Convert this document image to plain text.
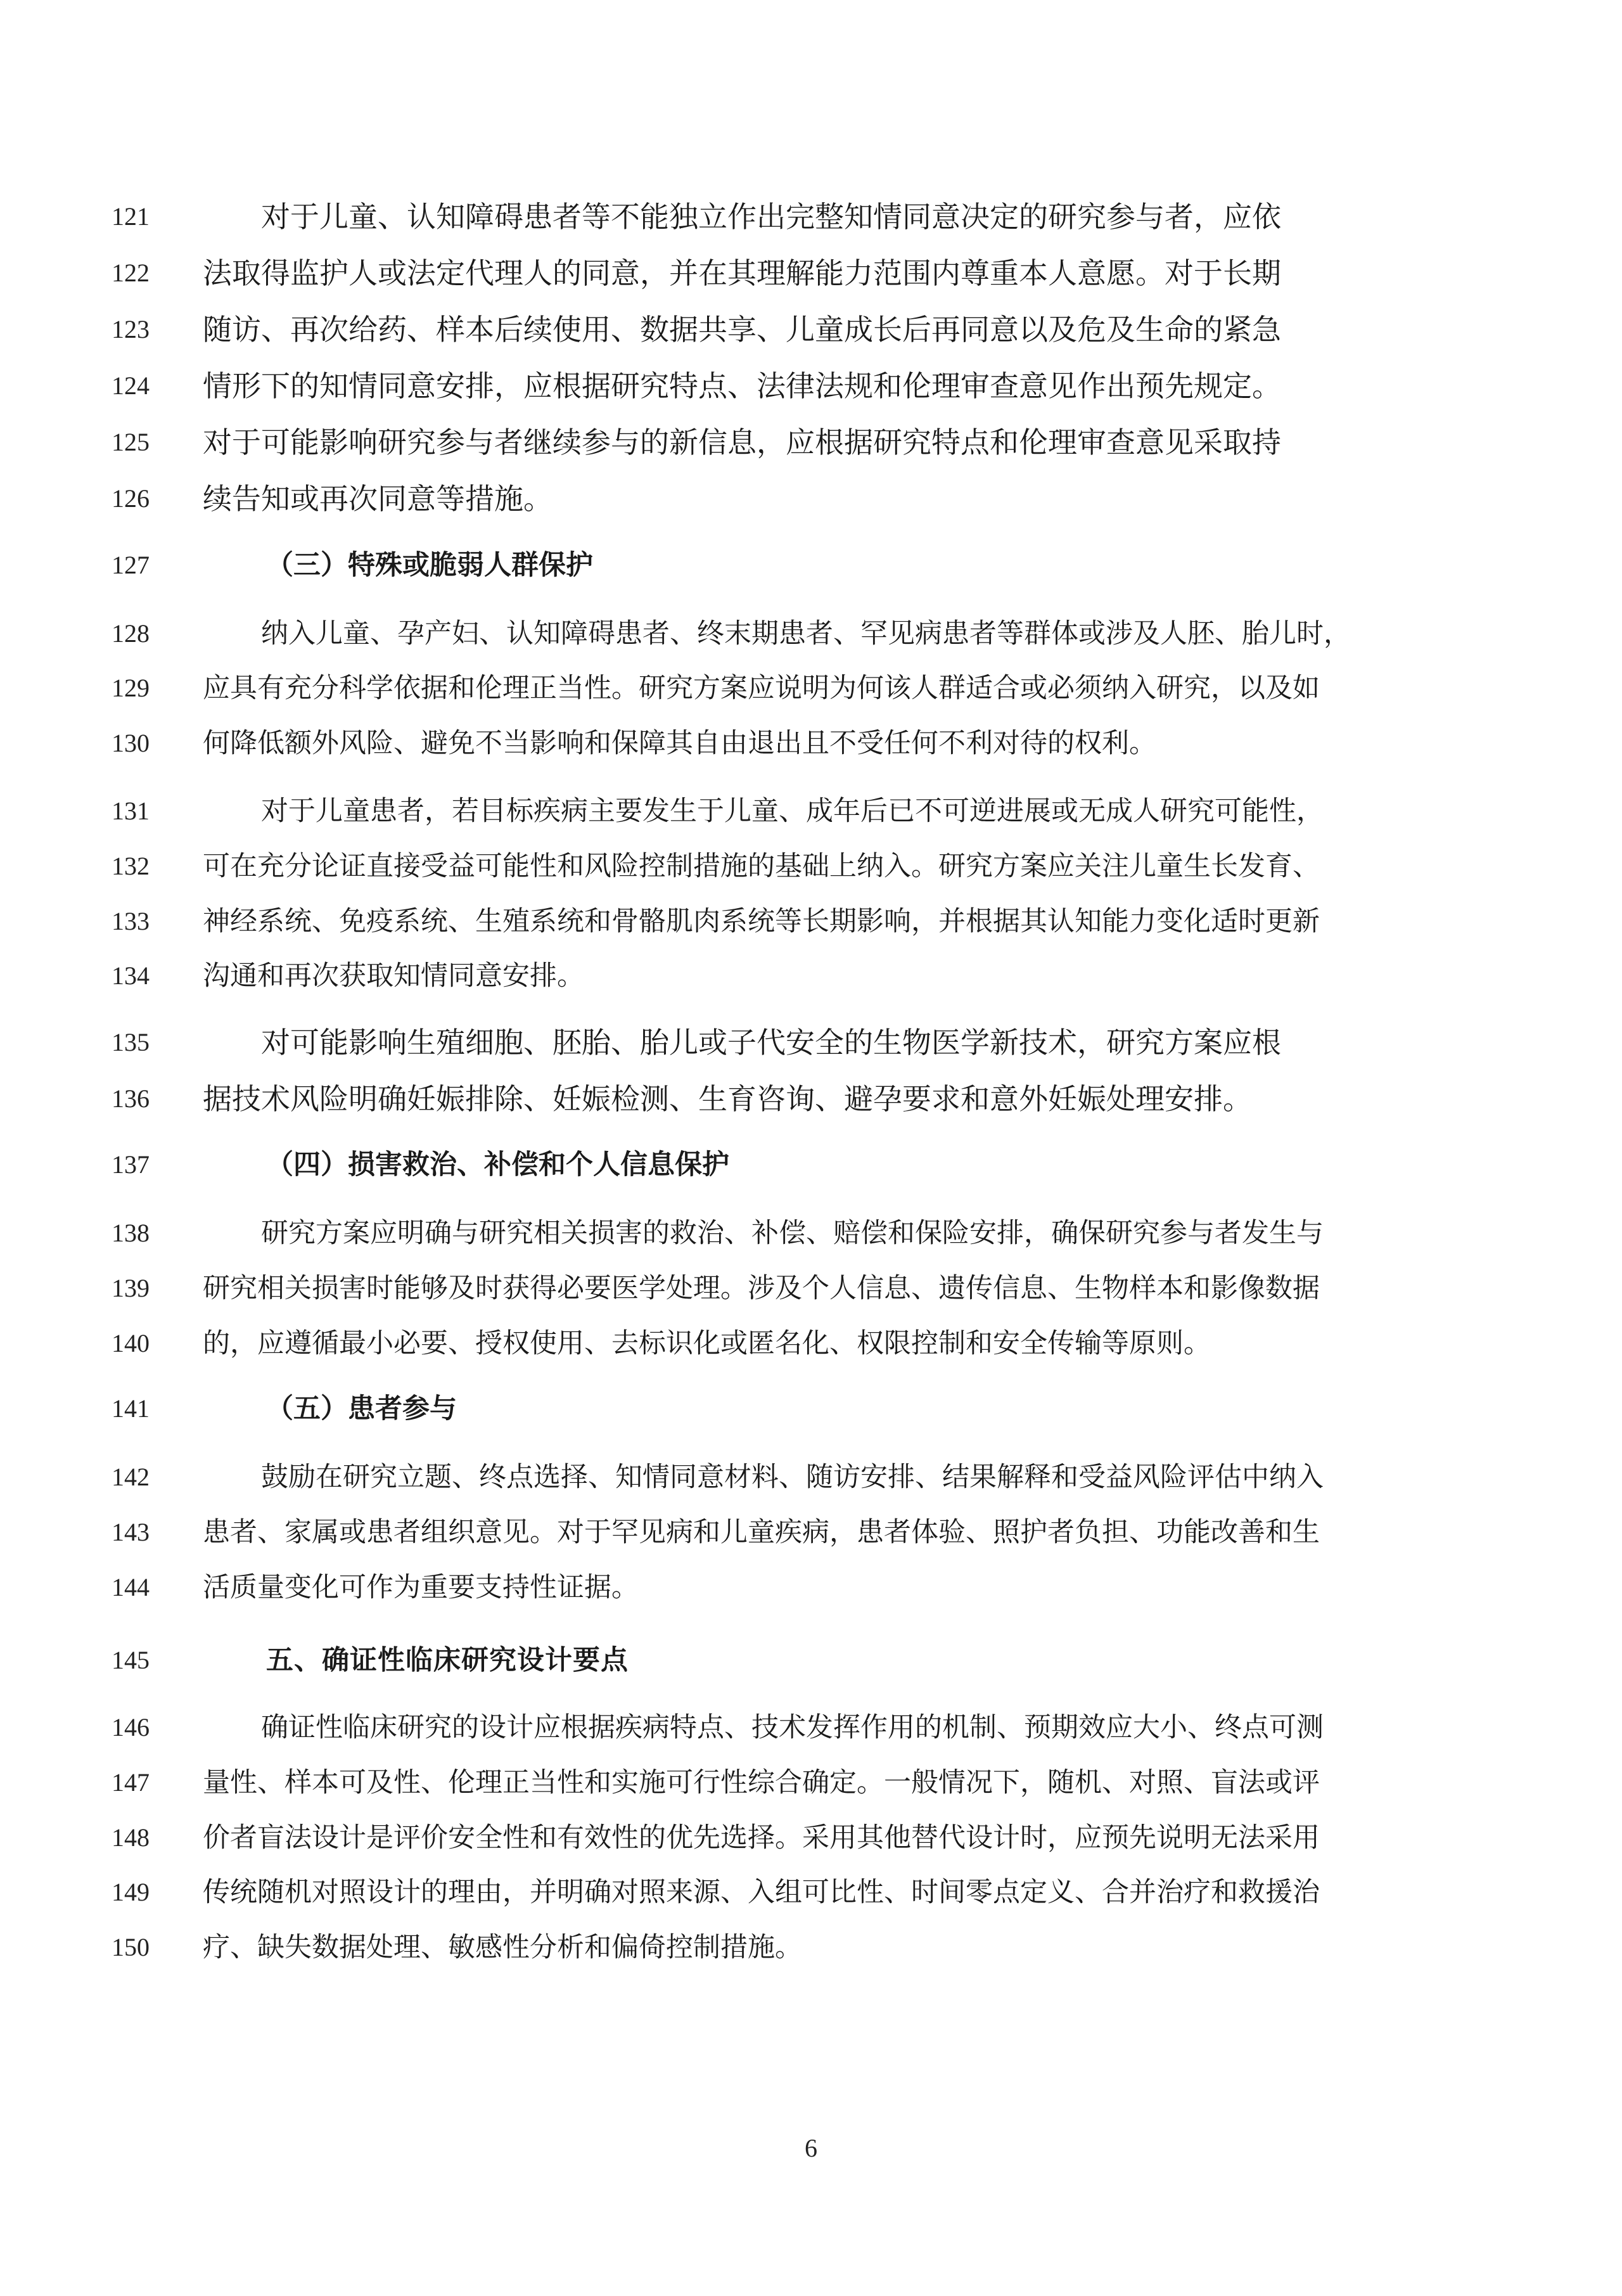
121	对于儿童、认知障碍患者等不能独立作出完整知情同意决定的研究参与者，应依
122 法取得监护人或法定代理人的同意，并在其理解能力范围内尊重本人意愿。对于长期
123 随访、再次给药、样本后续使用、数据共享、儿童成长后再同意以及危及生命的紧急
124 情形下的知情同意安排，应根据研究特点、法律法规和伦理审查意见作出预先规定。
125 对于可能影响研究参与者继续参与的新信息，应根据研究特点和伦理审查意见采取持
126 续告知或再次同意等措施。
127	（三）特殊或脆弱人群保护
128	纳入儿童、孕产妇、认知障碍患者、终末期患者、罕见病患者等群体或涉及人胚、胎儿时，
129 应具有充分科学依据和伦理正当性。研究方案应说明为何该人群适合或必须纳入研究，以及如
130 何降低额外风险、避免不当影响和保障其自由退出且不受任何不利对待的权利。
131	对于儿童患者，若目标疾病主要发生于儿童、成年后已不可逆进展或无成人研究可能性，
132 可在充分论证直接受益可能性和风险控制措施的基础上纳入。研究方案应关注儿童生长发育、
133 神经系统、免疫系统、生殖系统和骨骼肌肉系统等长期影响，并根据其认知能力变化适时更新
134 沟通和再次获取知情同意安排。
135	对可能影响生殖细胞、胚胎、胎儿或子代安全的生物医学新技术，研究方案应根
136 据技术风险明确妊娠排除、妊娠检测、生育咨询、避孕要求和意外妊娠处理安排。
137	（四）损害救治、补偿和个人信息保护
138	研究方案应明确与研究相关损害的救治、补偿、赔偿和保险安排，确保研究参与者发生与
139 研究相关损害时能够及时获得必要医学处理。涉及个人信息、遗传信息、生物样本和影像数据
140 的，应遵循最小必要、授权使用、去标识化或匿名化、权限控制和安全传输等原则。
141	（五）患者参与
142	鼓励在研究立题、终点选择、知情同意材料、随访安排、结果解释和受益风险评估中纳入
143 患者、家属或患者组织意见。对于罕见病和儿童疾病，患者体验、照护者负担、功能改善和生
144 活质量变化可作为重要支持性证据。
145	五、确证性临床研究设计要点
146	确证性临床研究的设计应根据疾病特点、技术发挥作用的机制、预期效应大小、终点可测
147 量性、样本可及性、伦理正当性和实施可行性综合确定。一般情况下，随机、对照、盲法或评
148 价者盲法设计是评价安全性和有效性的优先选择。采用其他替代设计时，应预先说明无法采用
149 传统随机对照设计的理由，并明确对照来源、入组可比性、时间零点定义、合并治疗和救援治
150 疗、缺失数据处理、敏感性分析和偏倚控制措施。
6
